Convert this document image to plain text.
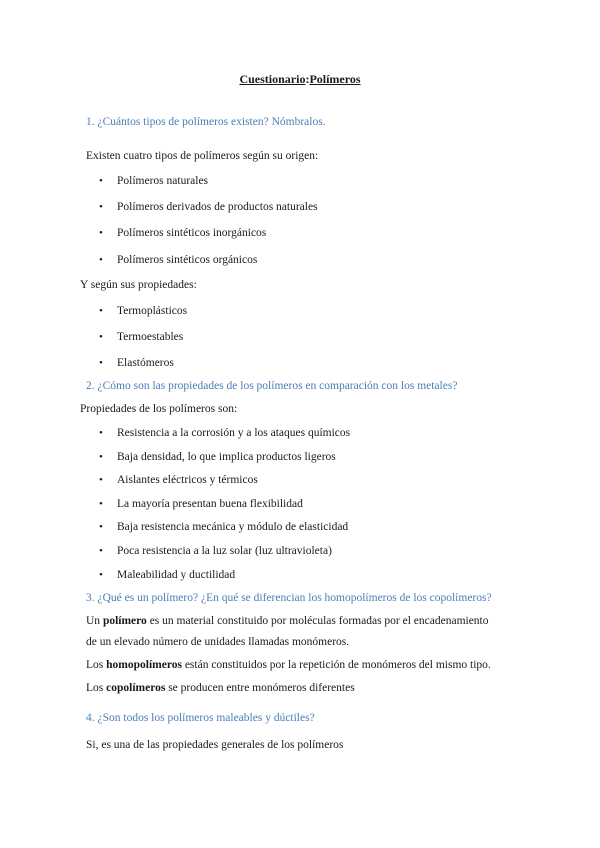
Cuestionario:Polímeros
1. ¿Cuántos tipos de polímeros existen? Nómbralos.
Existen cuatro tipos de polímeros según su origen:
• Polímeros naturales
• Polímeros derivados de productos naturales
• Polímeros sintéticos inorgánicos
• Polímeros sintéticos orgánicos
Y según sus propiedades:
• Termoplásticos
• Termoestables
• Elastómeros
2. ¿Cómo son las propiedades de los polímeros en comparación con los metales?
Propiedades de los polímeros son:
• Resistencia a la corrosión y a los ataques químicos
• Baja densidad, lo que implica productos ligeros
• Aislantes eléctricos y térmicos
• La mayoría presentan buena flexibilidad
• Baja resistencia mecánica y módulo de elasticidad
• Poca resistencia a la luz solar (luz ultravioleta)
• Maleabilidad y ductilidad
3. ¿Qué es un polímero? ¿En qué se diferencian los homopolímeros de los copolímeros?
Un polímero es un material constituido por moléculas formadas por el encadenamiento
de un elevado número de unidades llamadas monómeros.
Los homopolímeros están constituidos por la repetición de monómeros del mismo tipo.
Los copolímeros se producen entre monómeros diferentes
4. ¿Son todos los polímeros maleables y dúctiles?
Si, es una de las propiedades generales de los polímeros
